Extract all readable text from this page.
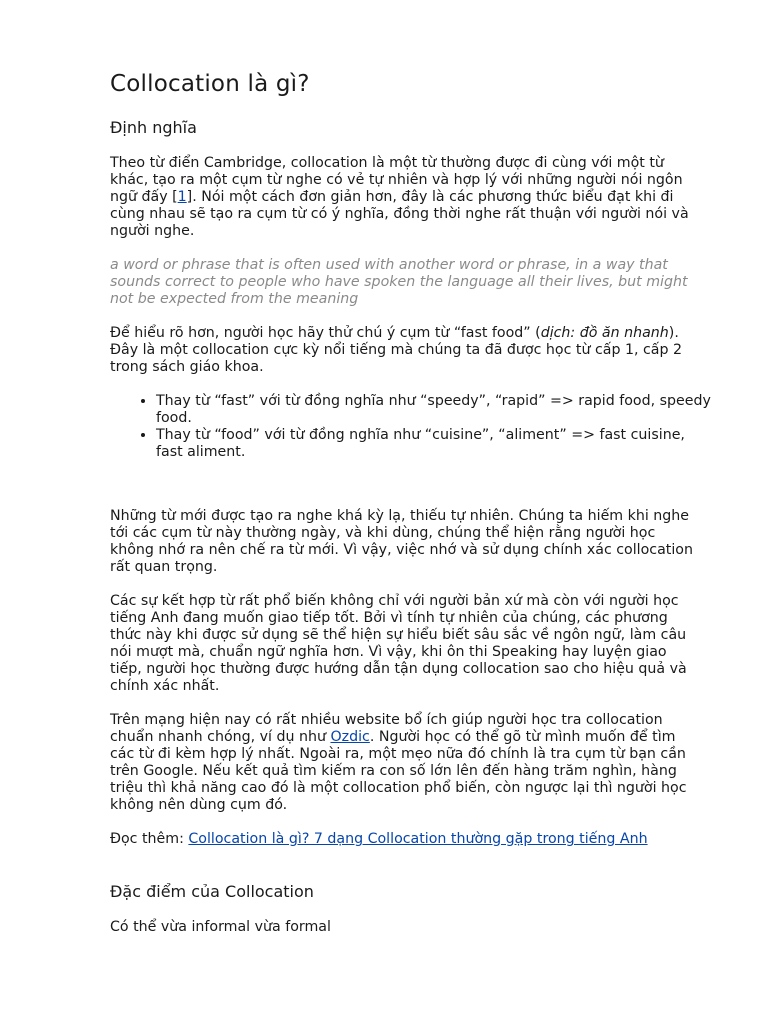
Collocation là gì?
Định nghĩa

Theo từ điển Cambridge, collocation là một từ thường được đi cùng với một từ khác, tạo ra một cụm từ nghe có vẻ tự nhiên và hợp lý với những người nói ngôn ngữ đấy [1]. Nói một cách đơn giản hơn, đây là các phương thức biểu đạt khi đi cùng nhau sẽ tạo ra cụm từ có ý nghĩa, đồng thời nghe rất thuận với người nói và người nghe.

a word or phrase that is often used with another word or phrase, in a way that sounds correct to people who have spoken the language all their lives, but might not be expected from the meaning

Để hiểu rõ hơn, người học hãy thử chú ý cụm từ “fast food” (dịch: đồ ăn nhanh). Đây là một collocation cực kỳ nổi tiếng mà chúng ta đã được học từ cấp 1, cấp 2 trong sách giáo khoa.

• Thay từ “fast” với từ đồng nghĩa như “speedy”, “rapid” => rapid food, speedy food.
• Thay từ “food” với từ đồng nghĩa như “cuisine”, “aliment” => fast cuisine, fast aliment.

Những từ mới được tạo ra nghe khá kỳ lạ, thiếu tự nhiên. Chúng ta hiếm khi nghe tới các cụm từ này thường ngày, và khi dùng, chúng thể hiện rằng người học không nhớ ra nên chế ra từ mới. Vì vậy, việc nhớ và sử dụng chính xác collocation rất quan trọng.

Các sự kết hợp từ rất phổ biến không chỉ với người bản xứ mà còn với người học tiếng Anh đang muốn giao tiếp tốt. Bởi vì tính tự nhiên của chúng, các phương thức này khi được sử dụng sẽ thể hiện sự hiểu biết sâu sắc về ngôn ngữ, làm câu nói mượt mà, chuẩn ngữ nghĩa hơn. Vì vậy, khi ôn thi Speaking hay luyện giao tiếp, người học thường được hướng dẫn tận dụng collocation sao cho hiệu quả và chính xác nhất.

Trên mạng hiện nay có rất nhiều website bổ ích giúp người học tra collocation chuẩn nhanh chóng, ví dụ như Ozdic. Người học có thể gõ từ mình muốn để tìm các từ đi kèm hợp lý nhất. Ngoài ra, một mẹo nữa đó chính là tra cụm từ bạn cần trên Google. Nếu kết quả tìm kiếm ra con số lớn lên đến hàng trăm nghìn, hàng triệu thì khả năng cao đó là một collocation phổ biến, còn ngược lại thì người học không nên dùng cụm đó.

Đọc thêm: Collocation là gì? 7 dạng Collocation thường gặp trong tiếng Anh

Đặc điểm của Collocation

Có thể vừa informal vừa formal
